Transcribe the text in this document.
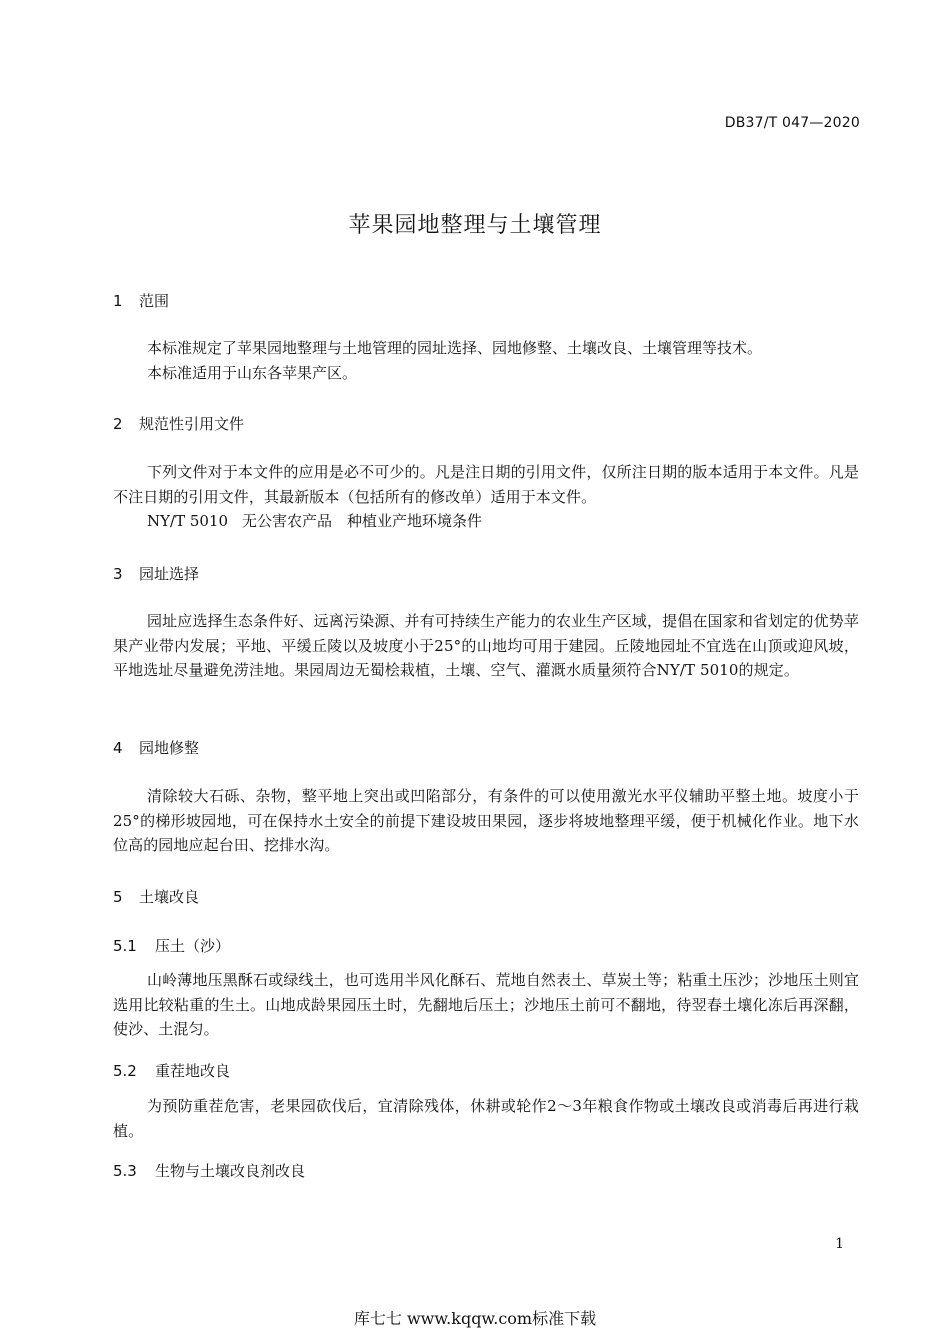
DB37/T 047—2020
苹果园地整理与土壤管理
1 范围
本标准规定了苹果园地整理与土地管理的园址选择、园地修整、土壤改良、土壤管理等技术。
本标准适用于山东各苹果产区。
2 规范性引用文件
下列文件对于本文件的应用是必不可少的。凡是注日期的引用文件，仅所注日期的版本适用于本文件。凡是不注日期的引用文件，其最新版本（包括所有的修改单）适用于本文件。
NY/T 5010 无公害农产品　种植业产地环境条件
3 园址选择
园址应选择生态条件好、远离污染源、并有可持续生产能力的农业生产区域，提倡在国家和省划定的优势苹果产业带内发展；平地、平缓丘陵以及坡度小于25°的山地均可用于建园。丘陵地园址不宜选在山顶或迎风坡，平地选址尽量避免涝洼地。果园周边无蜀桧栽植，土壤、空气、灌溉水质量须符合NY/T 5010的规定。
4 园地修整
清除较大石砾、杂物，整平地上突出或凹陷部分，有条件的可以使用激光水平仪辅助平整土地。坡度小于25°的梯形坡园地，可在保持水土安全的前提下建设坡田果园，逐步将坡地整理平缓，便于机械化作业。地下水位高的园地应起台田、挖排水沟。
5 土壤改良
5.1 压土（沙）
山岭薄地压黑酥石或绿线土，也可选用半风化酥石、荒地自然表土、草炭土等；粘重土压沙；沙地压土则宜选用比较粘重的生土。山地成龄果园压土时，先翻地后压土；沙地压土前可不翻地，待翌春土壤化冻后再深翻，使沙、土混匀。
5.2 重茬地改良
为预防重茬危害，老果园砍伐后，宜清除残体，休耕或轮作2～3年粮食作物或土壤改良或消毒后再进行栽植。
5.3 生物与土壤改良剂改良
1
库七七 www.kqqw.com标准下载
